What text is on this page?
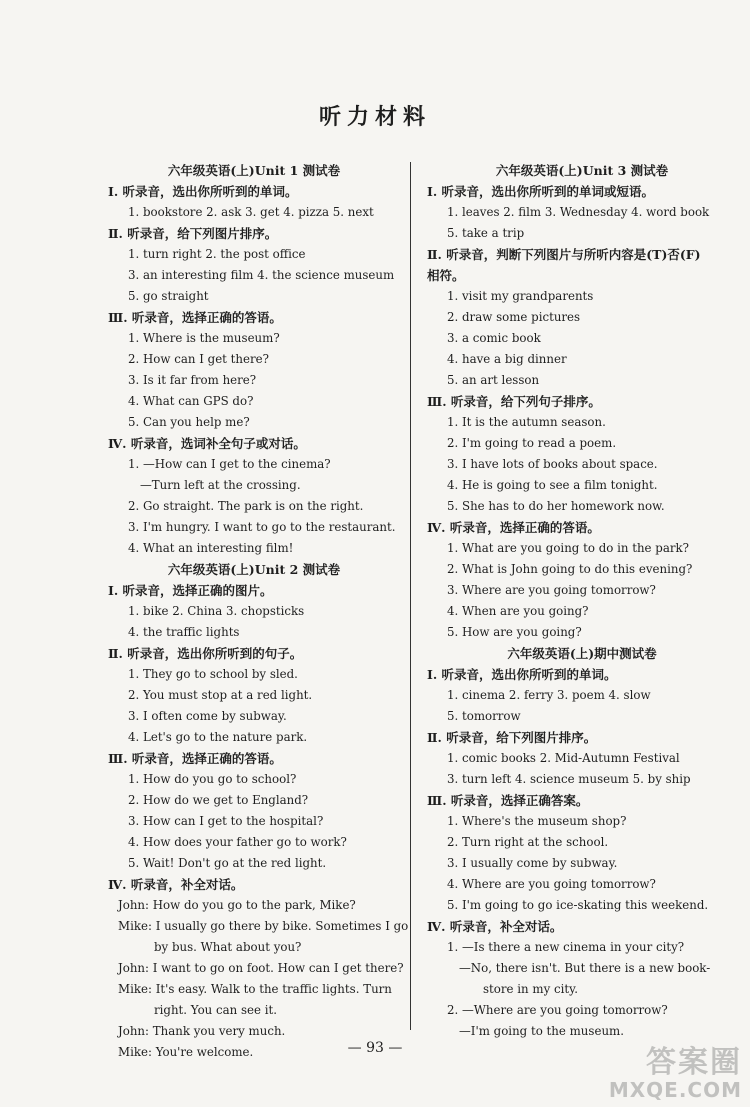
听力材料
六年级英语(上)Unit 1 测试卷
Ⅰ. 听录音，选出你所听到的单词。
1. bookstore 2. ask 3. get 4. pizza 5. next
Ⅱ. 听录音，给下列图片排序。
1. turn right 2. the post office
3. an interesting film 4. the science museum
5. go straight
Ⅲ. 听录音，选择正确的答语。
1. Where is the museum?
2. How can I get there?
3. Is it far from here?
4. What can GPS do?
5. Can you help me?
Ⅳ. 听录音，选词补全句子或对话。
1. —How can I get to the cinema?
—Turn left at the crossing.
2. Go straight. The park is on the right.
3. I'm hungry. I want to go to the restaurant.
4. What an interesting film!
六年级英语(上)Unit 2 测试卷
Ⅰ. 听录音，选择正确的图片。
1. bike 2. China 3. chopsticks
4. the traffic lights
Ⅱ. 听录音，选出你所听到的句子。
1. They go to school by sled.
2. You must stop at a red light.
3. I often come by subway.
4. Let's go to the nature park.
Ⅲ. 听录音，选择正确的答语。
1. How do you go to school?
2. How do we get to England?
3. How can I get to the hospital?
4. How does your father go to work?
5. Wait! Don't go at the red light.
Ⅳ. 听录音，补全对话。
John: How do you go to the park, Mike?
Mike: I usually go there by bike. Sometimes I go
by bus. What about you?
John: I want to go on foot. How can I get there?
Mike: It's easy. Walk to the traffic lights. Turn
right. You can see it.
John: Thank you very much.
Mike: You're welcome.
六年级英语(上)Unit 3 测试卷
Ⅰ. 听录音，选出你所听到的单词或短语。
1. leaves 2. film 3. Wednesday 4. word book
5. take a trip
Ⅱ. 听录音，判断下列图片与所听内容是(T)否(F)
相符。
1. visit my grandparents
2. draw some pictures
3. a comic book
4. have a big dinner
5. an art lesson
Ⅲ. 听录音，给下列句子排序。
1. It is the autumn season.
2. I'm going to read a poem.
3. I have lots of books about space.
4. He is going to see a film tonight.
5. She has to do her homework now.
Ⅳ. 听录音，选择正确的答语。
1. What are you going to do in the park?
2. What is John going to do this evening?
3. Where are you going tomorrow?
4. When are you going?
5. How are you going?
六年级英语(上)期中测试卷
Ⅰ. 听录音，选出你所听到的单词。
1. cinema 2. ferry 3. poem 4. slow
5. tomorrow
Ⅱ. 听录音，给下列图片排序。
1. comic books 2. Mid-Autumn Festival
3. turn left 4. science museum 5. by ship
Ⅲ. 听录音，选择正确答案。
1. Where's the museum shop?
2. Turn right at the school.
3. I usually come by subway.
4. Where are you going tomorrow?
5. I'm going to go ice-skating this weekend.
Ⅳ. 听录音，补全对话。
1. —Is there a new cinema in your city?
—No, there isn't. But there is a new book-
store in my city.
2. —Where are you going tomorrow?
—I'm going to the museum.
— 93 —	答案圈
MXQE.COM
